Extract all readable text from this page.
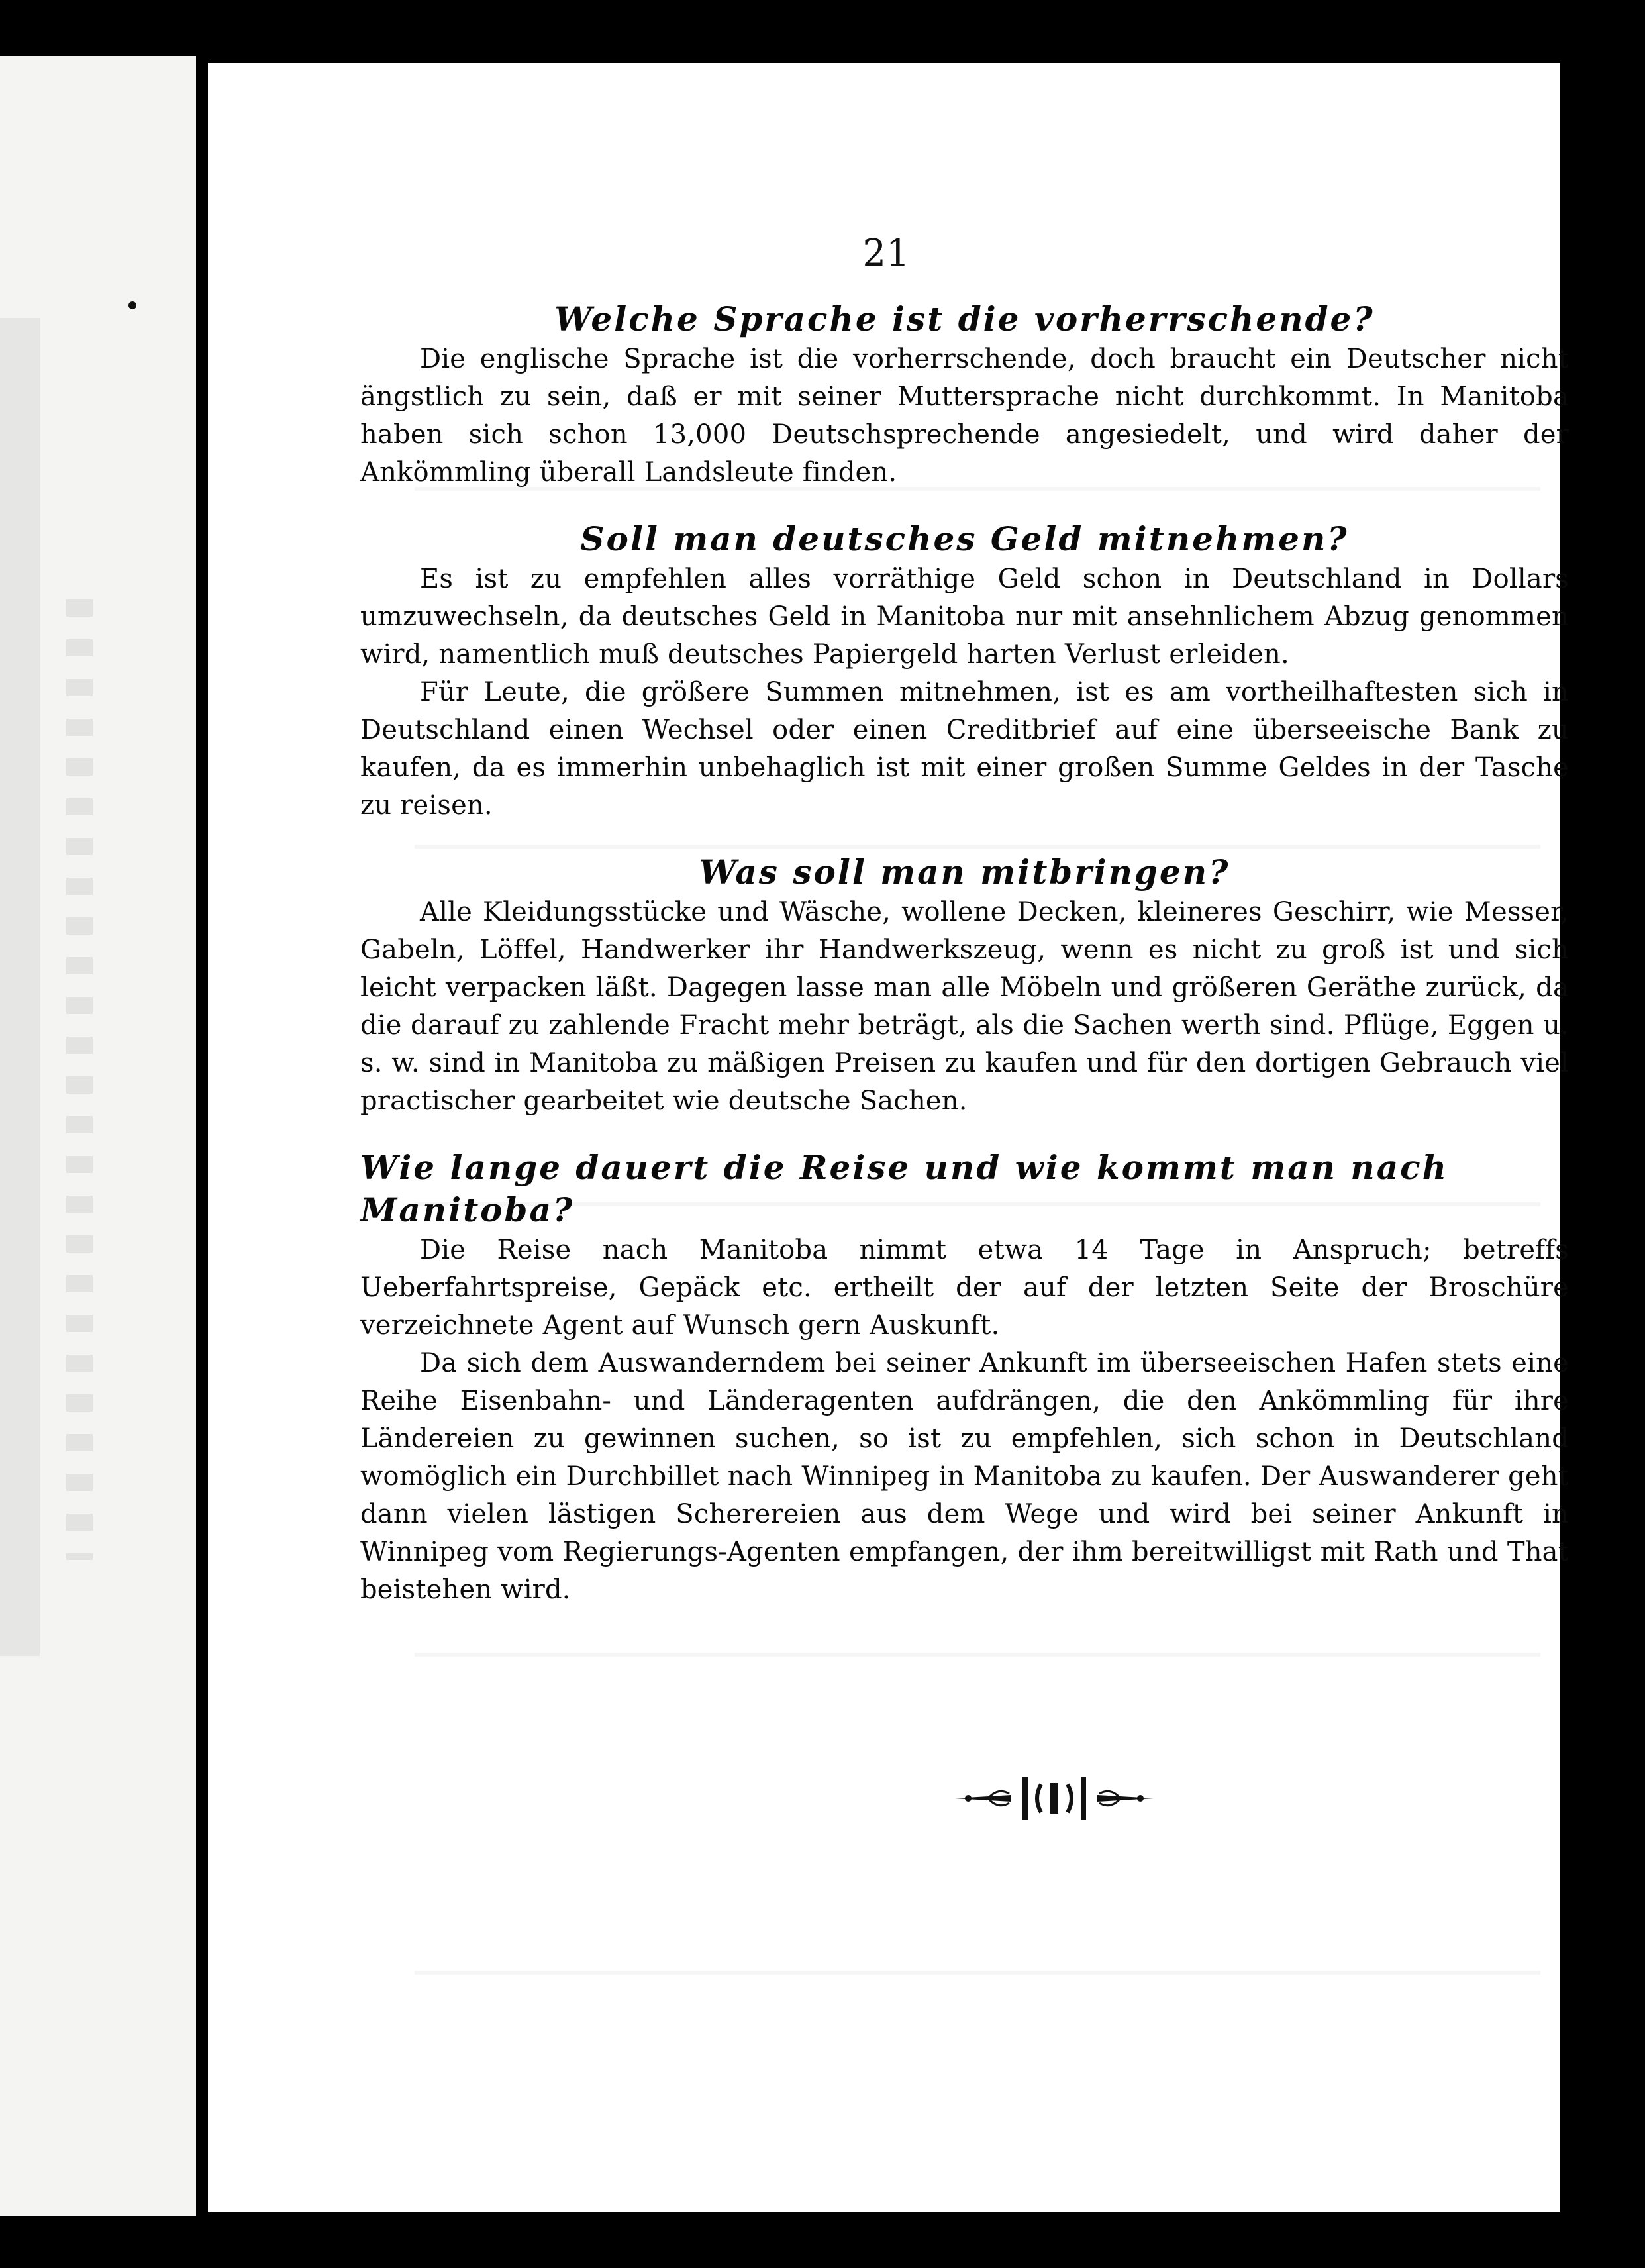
21
Welche Sprache ist die vorherrschende?

Die englische Sprache ist die vorherrschende, doch braucht ein Deutscher nicht ängstlich zu sein, daß er mit seiner Muttersprache nicht durchkommt. In Manitoba haben sich schon 13,000 Deutschsprechende angesiedelt, und wird daher der Ankömmling überall Landsleute finden.

Soll man deutsches Geld mitnehmen?

Es ist zu empfehlen alles vorräthige Geld schon in Deutschland in Dollars umzuwechseln, da deutsches Geld in Manitoba nur mit ansehnlichem Abzug genommen wird, namentlich muß deutsches Papiergeld harten Verlust erleiden.

Für Leute, die größere Summen mitnehmen, ist es am vortheilhaftesten sich in Deutschland einen Wechsel oder einen Creditbrief auf eine überseeische Bank zu kaufen, da es immerhin unbehaglich ist mit einer großen Summe Geldes in der Tasche zu reisen.

Was soll man mitbringen?

Alle Kleidungsstücke und Wäsche, wollene Decken, kleineres Geschirr, wie Messer, Gabeln, Löffel, Handwerker ihr Handwerkszeug, wenn es nicht zu groß ist und sich leicht verpacken läßt. Dagegen lasse man alle Möbeln und größeren Geräthe zurück, da die darauf zu zahlende Fracht mehr beträgt, als die Sachen werth sind. Pflüge, Eggen u. s. w. sind in Manitoba zu mäßigen Preisen zu kaufen und für den dortigen Gebrauch viel practischer gearbeitet wie deutsche Sachen.

Wie lange dauert die Reise und wie kommt man nach Manitoba?

Die Reise nach Manitoba nimmt etwa 14 Tage in Anspruch; betreffs Ueberfahrtspreise, Gepäck etc. ertheilt der auf der letzten Seite der Broschüre verzeichnete Agent auf Wunsch gern Auskunft.

Da sich dem Auswanderndem bei seiner Ankunft im überseeischen Hafen stets eine Reihe Eisenbahn- und Länderagenten aufdrängen, die den Ankömmling für ihre Ländereien zu gewinnen suchen, so ist zu empfehlen, sich schon in Deutschland womöglich ein Durchbillet nach Winnipeg in Manitoba zu kaufen. Der Auswanderer geht dann vielen lästigen Scherereien aus dem Wege und wird bei seiner Ankunft in Winnipeg vom Regierungs-Agenten empfangen, der ihm bereitwilligst mit Rath und That beistehen wird.
